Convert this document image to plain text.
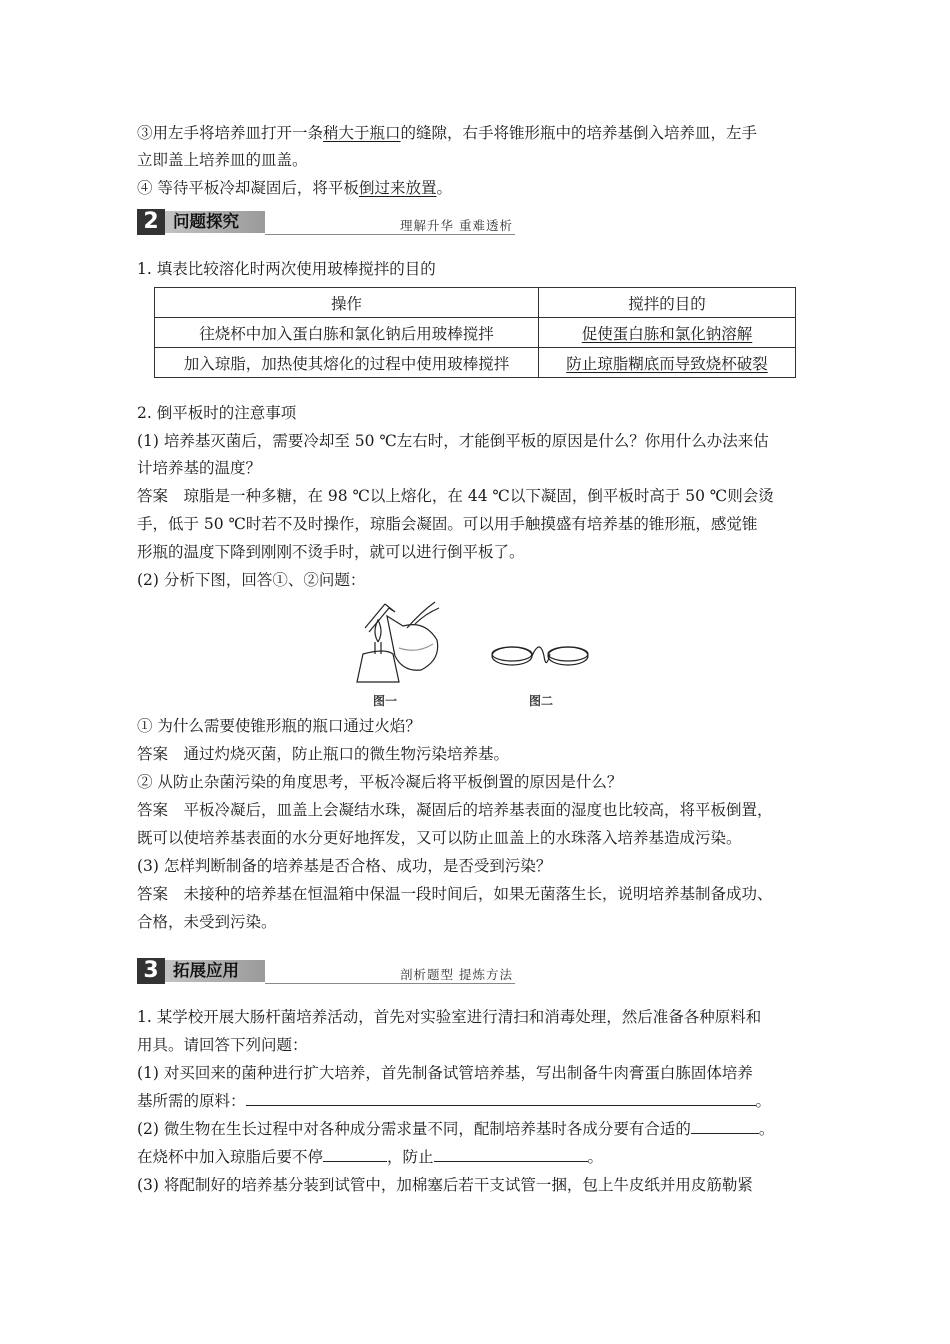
③用左手将培养皿打开一条稍大于瓶口的缝隙，右手将锥形瓶中的培养基倒入培养皿，左手
立即盖上培养皿的皿盖。
④ 等待平板冷却凝固后，将平板倒过来放置。
2 问题探究	理解升华 重难透析
1. 填表比较溶化时两次使用玻棒搅拌的目的
操作	搅拌的目的
往烧杯中加入蛋白胨和氯化钠后用玻棒搅拌	促使蛋白胨和氯化钠溶解
加入琼脂，加热使其熔化的过程中使用玻棒搅拌	防止琼脂糊底而导致烧杯破裂
2. 倒平板时的注意事项
(1) 培养基灭菌后，需要冷却至 50 ℃左右时，才能倒平板的原因是什么？你用什么办法来估
计培养基的温度？
答案　琼脂是一种多糖，在 98 ℃以上熔化，在 44 ℃以下凝固，倒平板时高于 50 ℃则会烫
手，低于 50 ℃时若不及时操作，琼脂会凝固。可以用手触摸盛有培养基的锥形瓶，感觉锥
形瓶的温度下降到刚刚不烫手时，就可以进行倒平板了。
(2) 分析下图，回答①、②问题：
图一	图二
① 为什么需要使锥形瓶的瓶口通过火焰？
答案　通过灼烧灭菌，防止瓶口的微生物污染培养基。
② 从防止杂菌污染的角度思考，平板冷凝后将平板倒置的原因是什么？
答案　平板冷凝后，皿盖上会凝结水珠，凝固后的培养基表面的湿度也比较高，将平板倒置，
既可以使培养基表面的水分更好地挥发，又可以防止皿盖上的水珠落入培养基造成污染。
(3) 怎样判断制备的培养基是否合格、成功，是否受到污染？
答案　未接种的培养基在恒温箱中保温一段时间后，如果无菌落生长，说明培养基制备成功、
合格，未受到污染。
3 拓展应用	剖析题型 提炼方法
1. 某学校开展大肠杆菌培养活动，首先对实验室进行清扫和消毒处理，然后准备各种原料和
用具。请回答下列问题：
(1) 对买回来的菌种进行扩大培养，首先制备试管培养基，写出制备牛肉膏蛋白胨固体培养
基所需的原料：	。
(2) 微生物在生长过程中对各种成分需求量不同，配制培养基时各成分要有合适的	。
在烧杯中加入琼脂后要不停	，防止	。
(3) 将配制好的培养基分装到试管中，加棉塞后若干支试管一捆，包上牛皮纸并用皮筋勒紧
